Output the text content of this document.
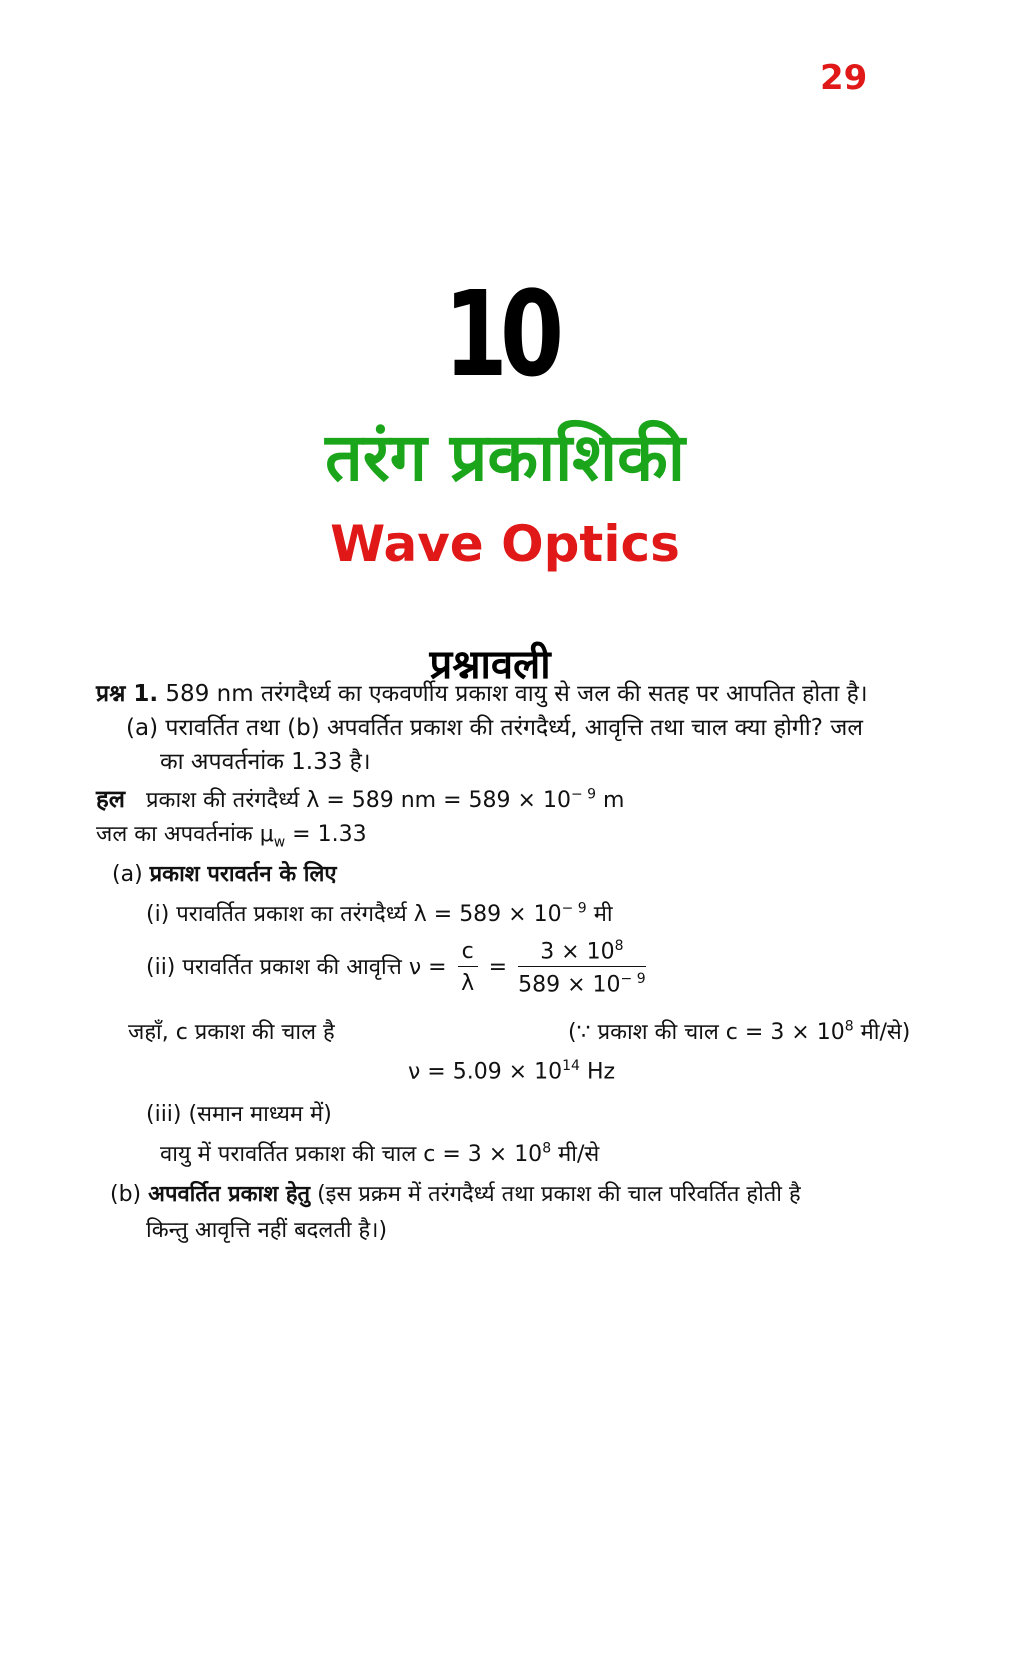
29
10
तरंग प्रकाशिकी
Wave Optics
प्रश्नावली
प्रश्न 1. 589 nm तरंगदैर्ध्य का एकवर्णीय प्रकाश वायु से जल की सतह पर आपतित होता है।
(a) परावर्तित तथा (b) अपवर्तित प्रकाश की तरंगदैर्ध्य, आवृत्ति तथा चाल क्या होगी? जल
का अपवर्तनांक 1.33 है।
हल प्रकाश की तरंगदैर्ध्य λ = 589 nm = $589 \times 10^{- 9}$ m
जल का अपवर्तनांक $\mu_w = 1.33$
(a) प्रकाश परावर्तन के लिए
(i) परावर्तित प्रकाश का तरंगदैर्ध्य $\lambda = 589 \times 10^{- 9}$ मी
(ii) परावर्तित प्रकाश की आवृत्ति $\nu = \frac{c}{\lambda} = \frac{3 \times 10^8}{589 \times 10^{- 9}}$
जहाँ, c प्रकाश की चाल है	(∵ प्रकाश की चाल $c = 3 \times 10^8$ मी/से)
$\nu = 5.09 \times 10^{14}$ Hz
(iii) (समान माध्यम में)
वायु में परावर्तित प्रकाश की चाल $c = 3 \times 10^8$ मी/से
(b) अपवर्तित प्रकाश हेतु (इस प्रक्रम में तरंगदैर्ध्य तथा प्रकाश की चाल परिवर्तित होती है
किन्तु आवृत्ति नहीं बदलती है।)
